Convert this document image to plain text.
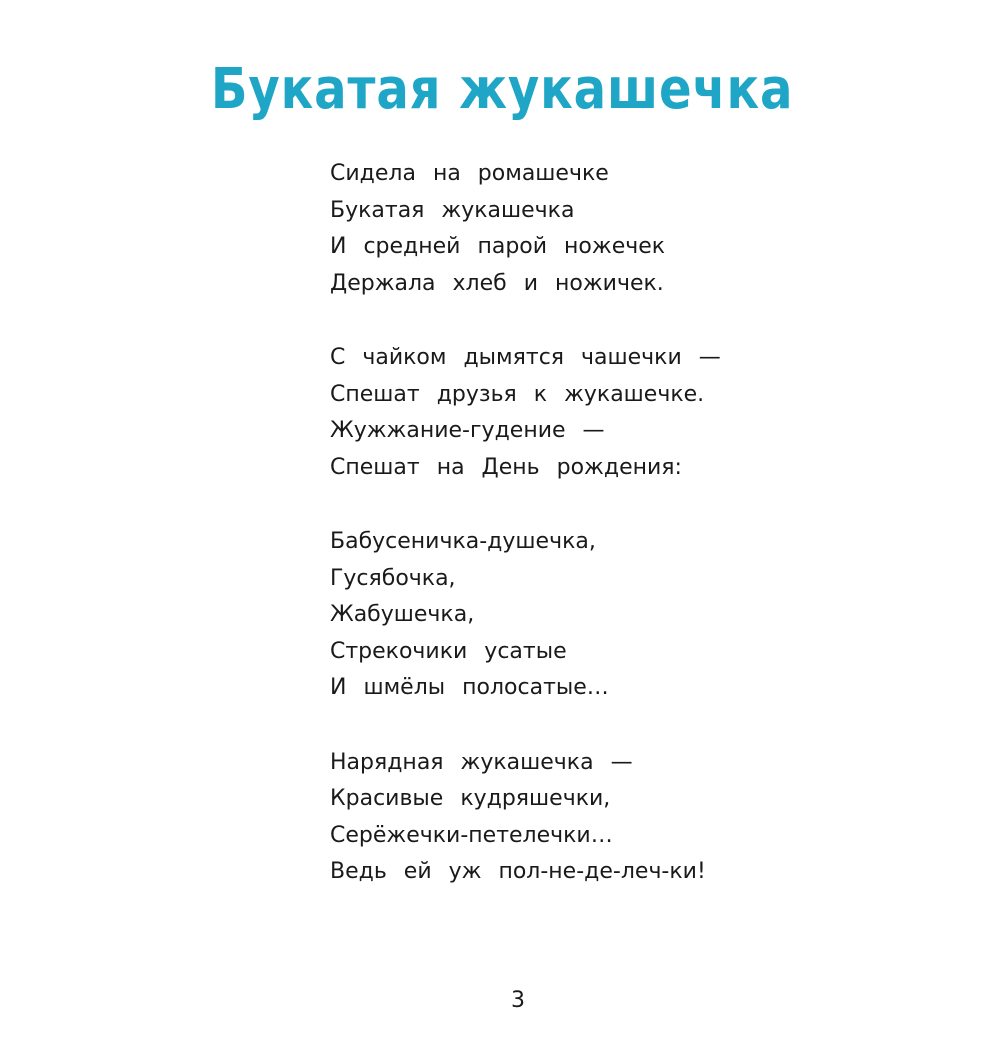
Букатая жукашечка
Сидела на ромашечке
Букатая жукашечка
И средней парой ножечек
Держала хлеб и ножичек.
С чайком дымятся чашечки —
Спешат друзья к жукашечке.
Жужжание-гудение —
Спешат на День рождения:
Бабусеничка-душечка,
Гусябочка,
Жабушечка,
Стрекочики усатые
И шмёлы полосатые…
Нарядная жукашечка —
Красивые кудряшечки,
Серёжечки-петелечки…
Ведь ей уж пол-не-де-леч-ки!
3
